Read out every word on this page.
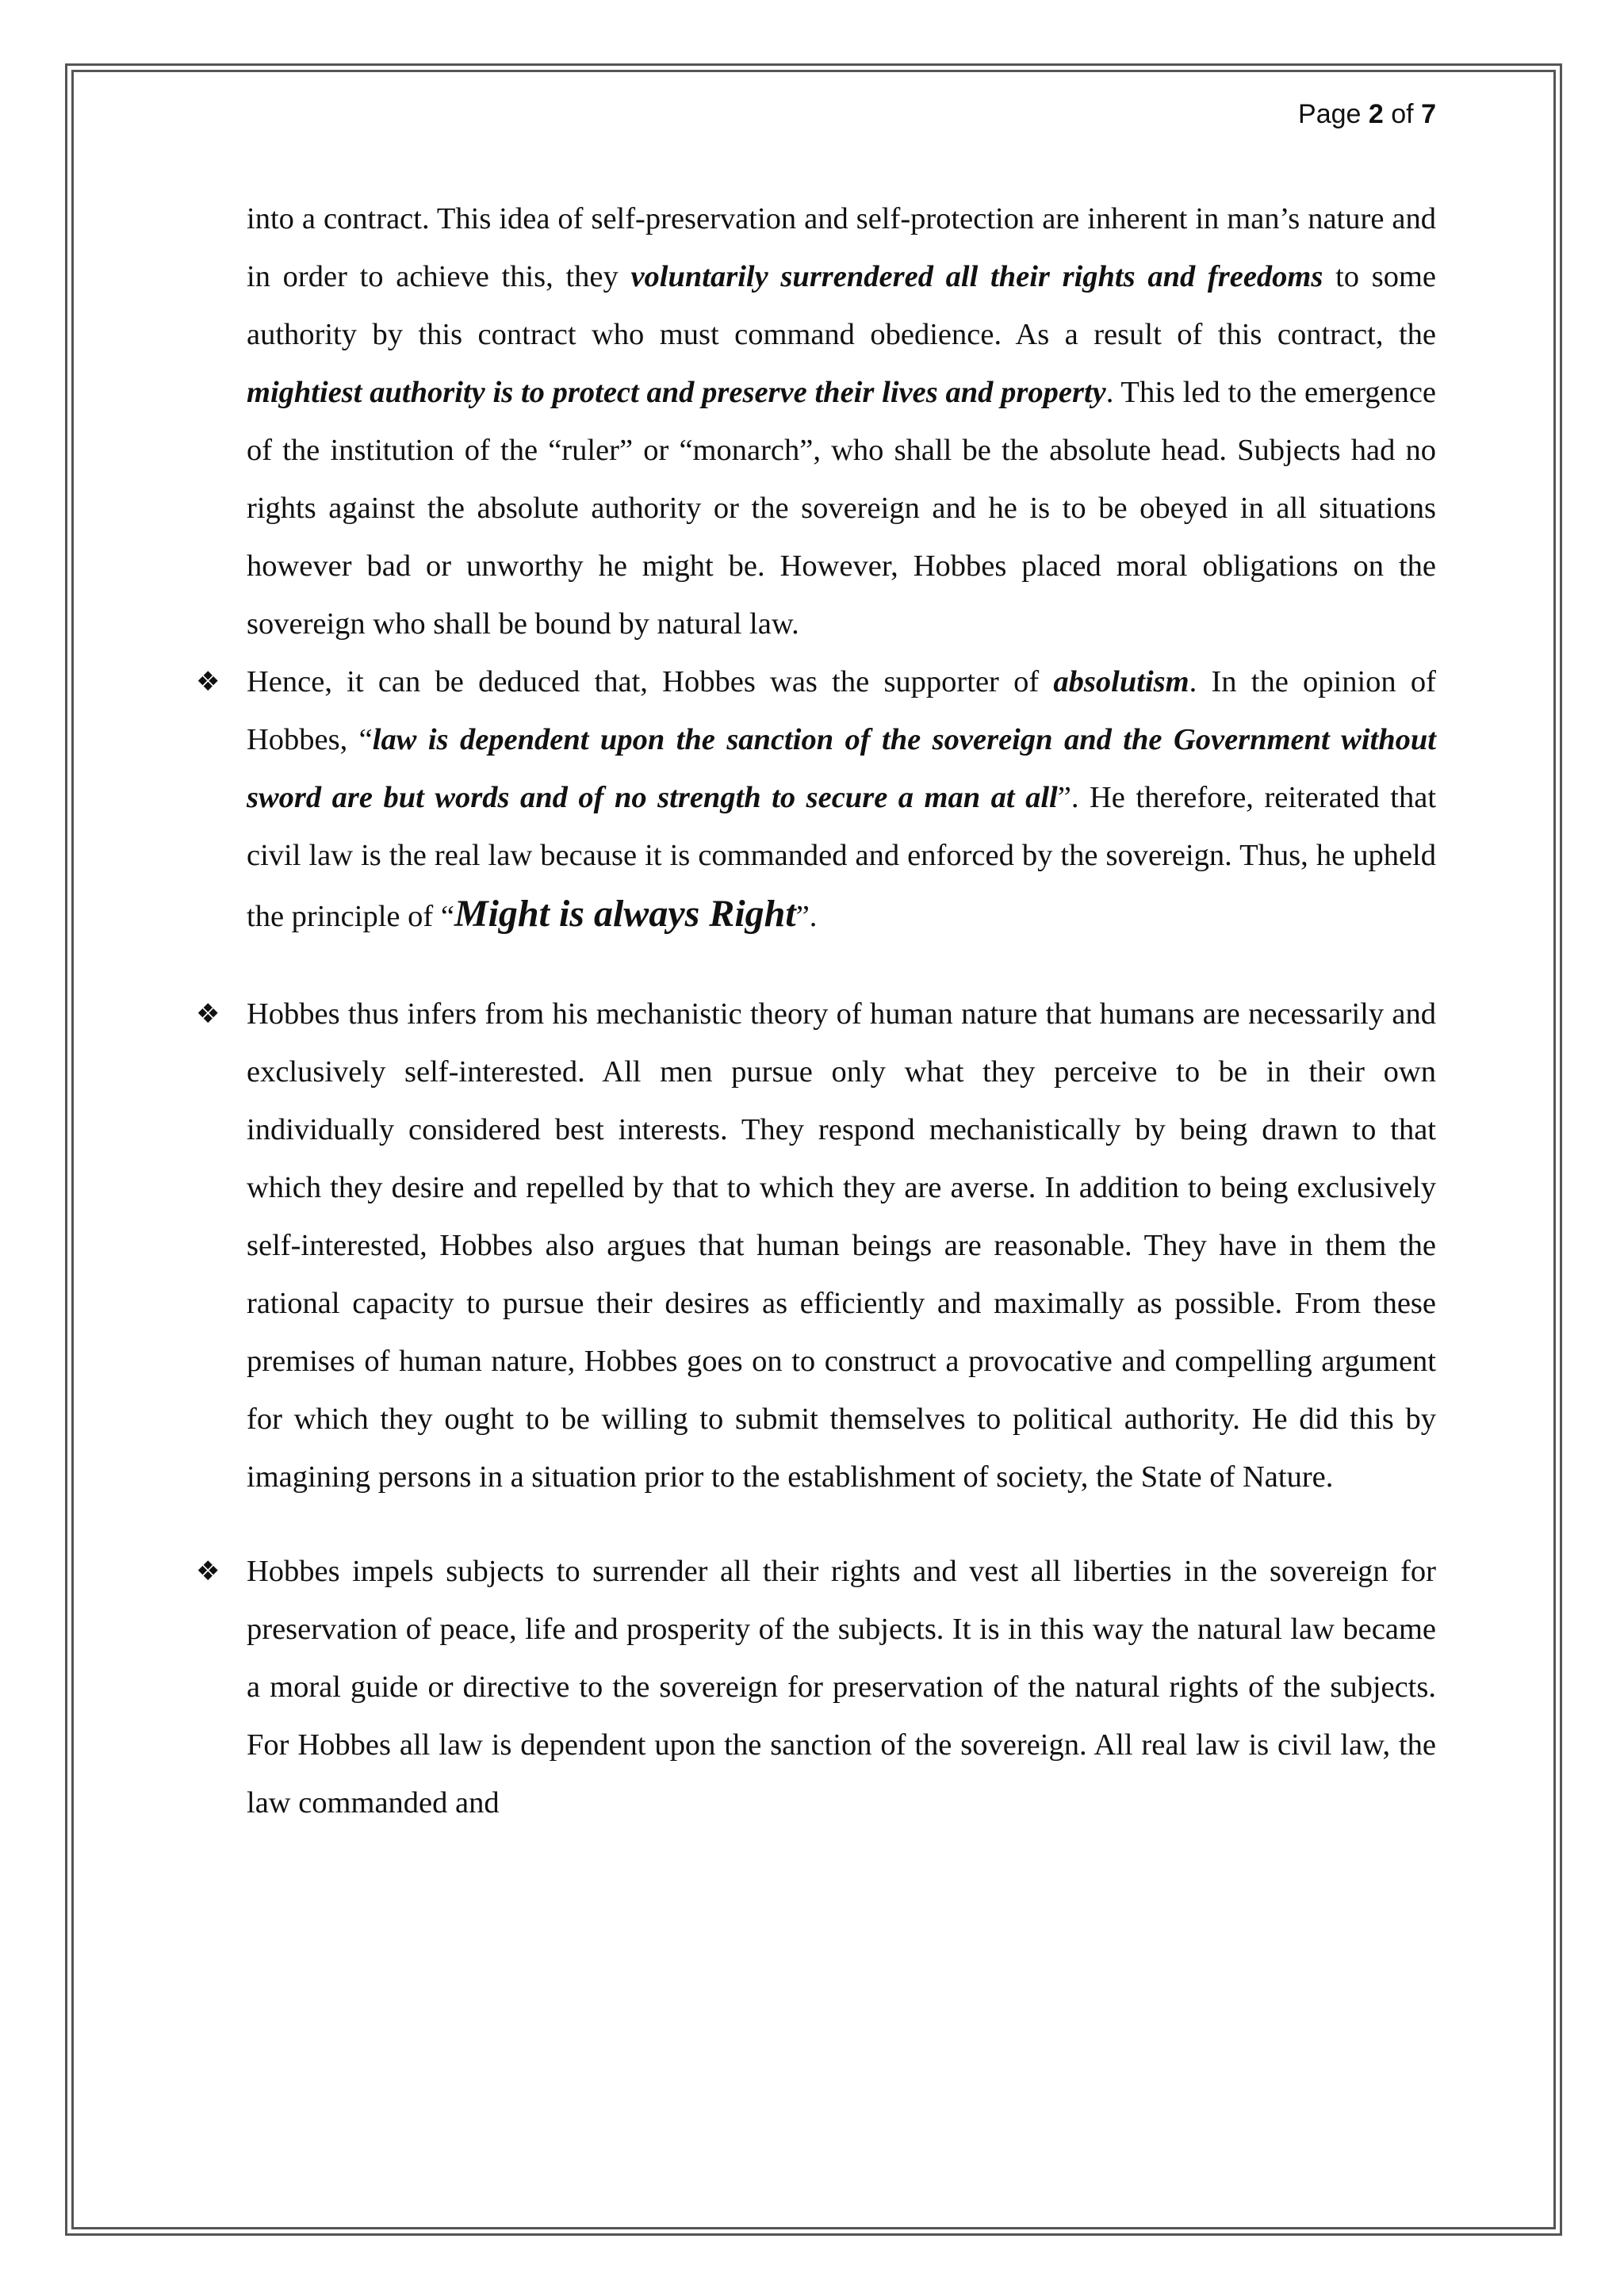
Page 2 of 7

into a contract. This idea of self-preservation and self-protection are inherent in man’s nature and in order to achieve this, they voluntarily surrendered all their rights and freedoms to some authority by this contract who must command obedience. As a result of this contract, the mightiest authority is to protect and preserve their lives and property. This led to the emergence of the institution of the “ruler” or “monarch”, who shall be the absolute head. Subjects had no rights against the absolute authority or the sovereign and he is to be obeyed in all situations however bad or unworthy he might be. However, Hobbes placed moral obligations on the sovereign who shall be bound by natural law.

❖ Hence, it can be deduced that, Hobbes was the supporter of absolutism. In the opinion of Hobbes, “law is dependent upon the sanction of the sovereign and the Government without sword are but words and of no strength to secure a man at all”. He therefore, reiterated that civil law is the real law because it is commanded and enforced by the sovereign. Thus, he upheld the principle of “Might is always Right”.

❖ Hobbes thus infers from his mechanistic theory of human nature that humans are necessarily and exclusively self-interested. All men pursue only what they perceive to be in their own individually considered best interests. They respond mechanistically by being drawn to that which they desire and repelled by that to which they are averse. In addition to being exclusively self-interested, Hobbes also argues that human beings are reasonable. They have in them the rational capacity to pursue their desires as efficiently and maximally as possible. From these premises of human nature, Hobbes goes on to construct a provocative and compelling argument for which they ought to be willing to submit themselves to political authority. He did this by imagining persons in a situation prior to the establishment of society, the State of Nature.

❖ Hobbes impels subjects to surrender all their rights and vest all liberties in the sovereign for preservation of peace, life and prosperity of the subjects. It is in this way the natural law became a moral guide or directive to the sovereign for preservation of the natural rights of the subjects. For Hobbes all law is dependent upon the sanction of the sovereign. All real law is civil law, the law commanded and
